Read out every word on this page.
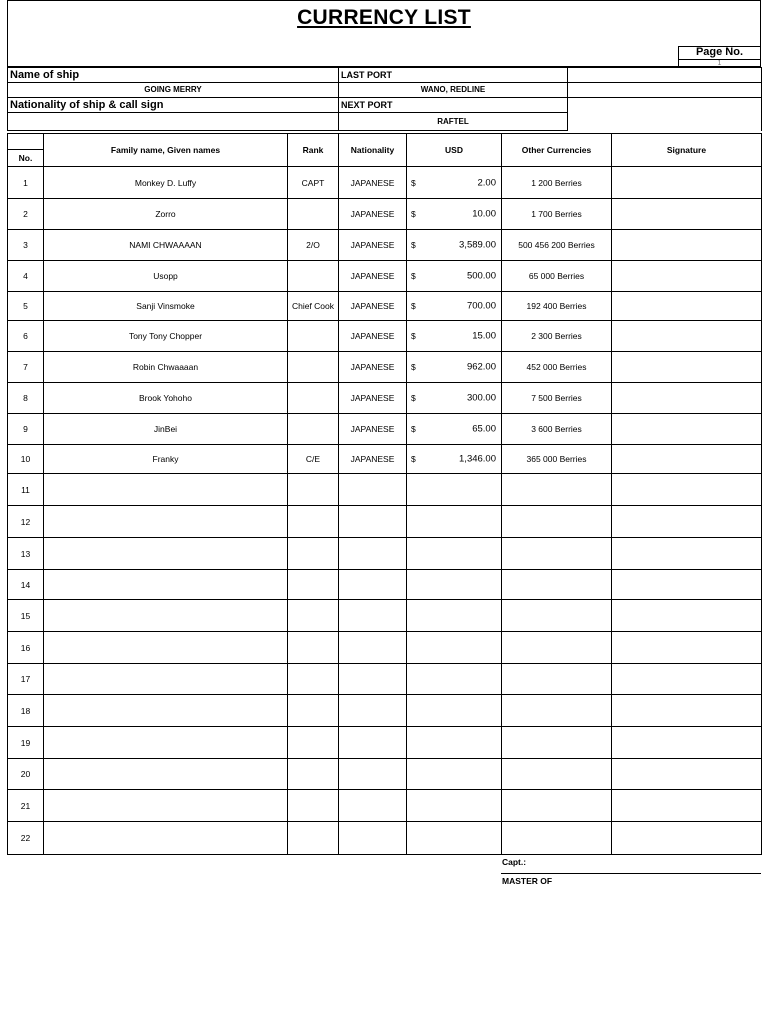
CURRENCY LIST
Page No.
1
Name of ship	LAST PORT	
GOING MERRY	WANO, REDLINE	
Nationality of ship & call sign	NEXT PORT	
	RAFTEL	
No.	Family name, Given names	Rank	Nationality	USD	Other Currencies	Signature
1	Monkey D. Luffy	CAPT	JAPANESE	$ 2.00	1 200 Berries	
2	Zorro		JAPANESE	$ 10.00	1 700 Berries	
3	NAMI CHWAAAAN	2/O	JAPANESE	$ 3,589.00	500 456 200 Berries	
4	Usopp		JAPANESE	$ 500.00	65 000 Berries	
5	Sanji Vinsmoke	Chief Cook	JAPANESE	$ 700.00	192 400 Berries	
6	Tony Tony Chopper		JAPANESE	$ 15.00	2 300 Berries	
7	Robin Chwaaaan		JAPANESE	$ 962.00	452 000 Berries	
8	Brook Yohoho		JAPANESE	$ 300.00	7 500 Berries	
9	JinBei		JAPANESE	$ 65.00	3 600 Berries	
10	Franky	C/E	JAPANESE	$ 1,346.00	365 000 Berries	
11						
12						
13						
14						
15						
16						
17						
18						
19						
20						
21						
22						
Capt.:
MASTER OF
